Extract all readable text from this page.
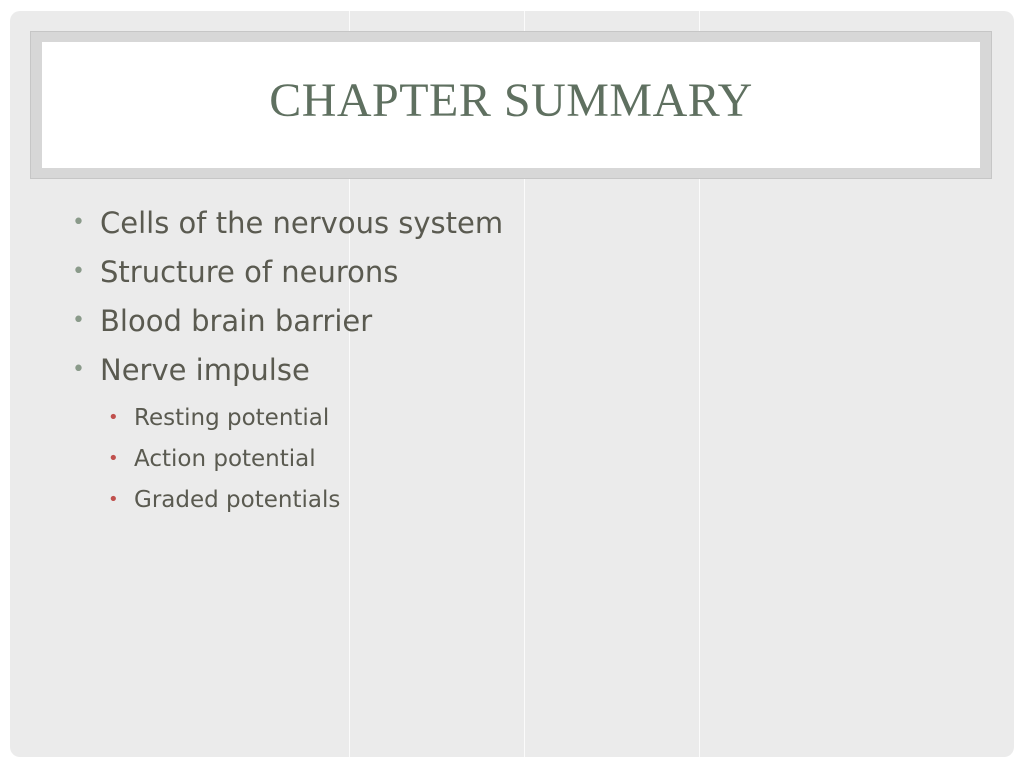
CHAPTER SUMMARY
• Cells of the nervous system
• Structure of neurons
• Blood brain barrier
• Nerve impulse
• Resting potential
• Action potential
• Graded potentials
